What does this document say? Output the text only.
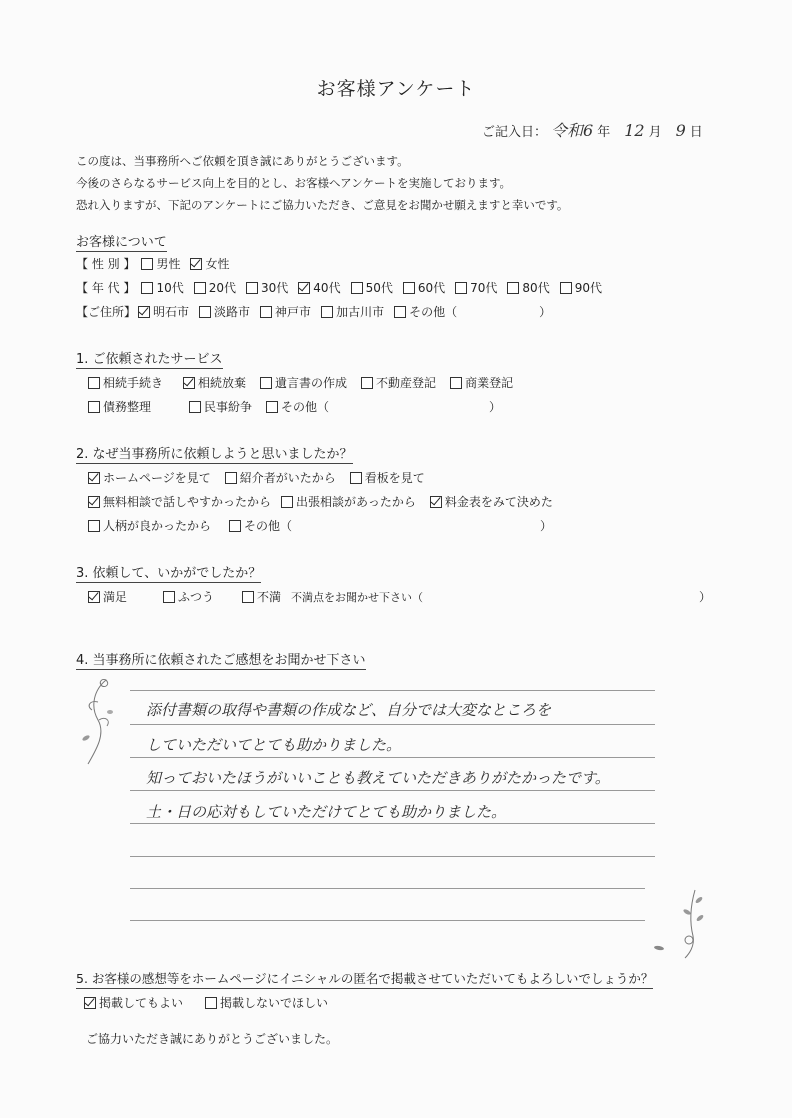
お客様アンケート
ご記入日： 令和6 年 12 月 9 日
この度は、当事務所へご依頼を頂き誠にありがとうございます。
今後のさらなるサービス向上を目的とし、お客様へアンケートを実施しております。
恐れ入りますが、下記のアンケートにご協力いただき、ご意見をお聞かせ願えますと幸いです。
お客様について
【 性 別 】 男性 女性
【 年 代 】 10代 20代 30代 40代 50代 60代 70代 80代 90代
【ご住所】 明石市 淡路市 神戸市 加古川市 その他（	）
1. ご依頼されたサービス
相続手続き	相続放棄 遺言書の作成 不動産登記 商業登記
債務整理	民事紛争 その他（	）
2. なぜ当事務所に依頼しようと思いましたか？
ホームページを見て 紹介者がいたから 看板を見て
無料相談で話しやすかったから 出張相談があったから 料金表をみて決めた
人柄が良かったから	その他（	）
3. 依頼して、いかがでしたか？
満足	ふつう	不満 不満点をお聞かせ下さい（	）
4. 当事務所に依頼されたご感想をお聞かせ下さい
添付書類の取得や書類の作成など、自分では大変なところを
していただいてとても助かりました。
知っておいたほうがいいことも教えていただきありがたかったです。
土・日の応対もしていただけてとても助かりました。
5. お客様の感想等をホームページにイニシャルの匿名で掲載させていただいてもよろしいでしょうか？
掲載してもよい	掲載しないでほしい
ご協力いただき誠にありがとうございました。
